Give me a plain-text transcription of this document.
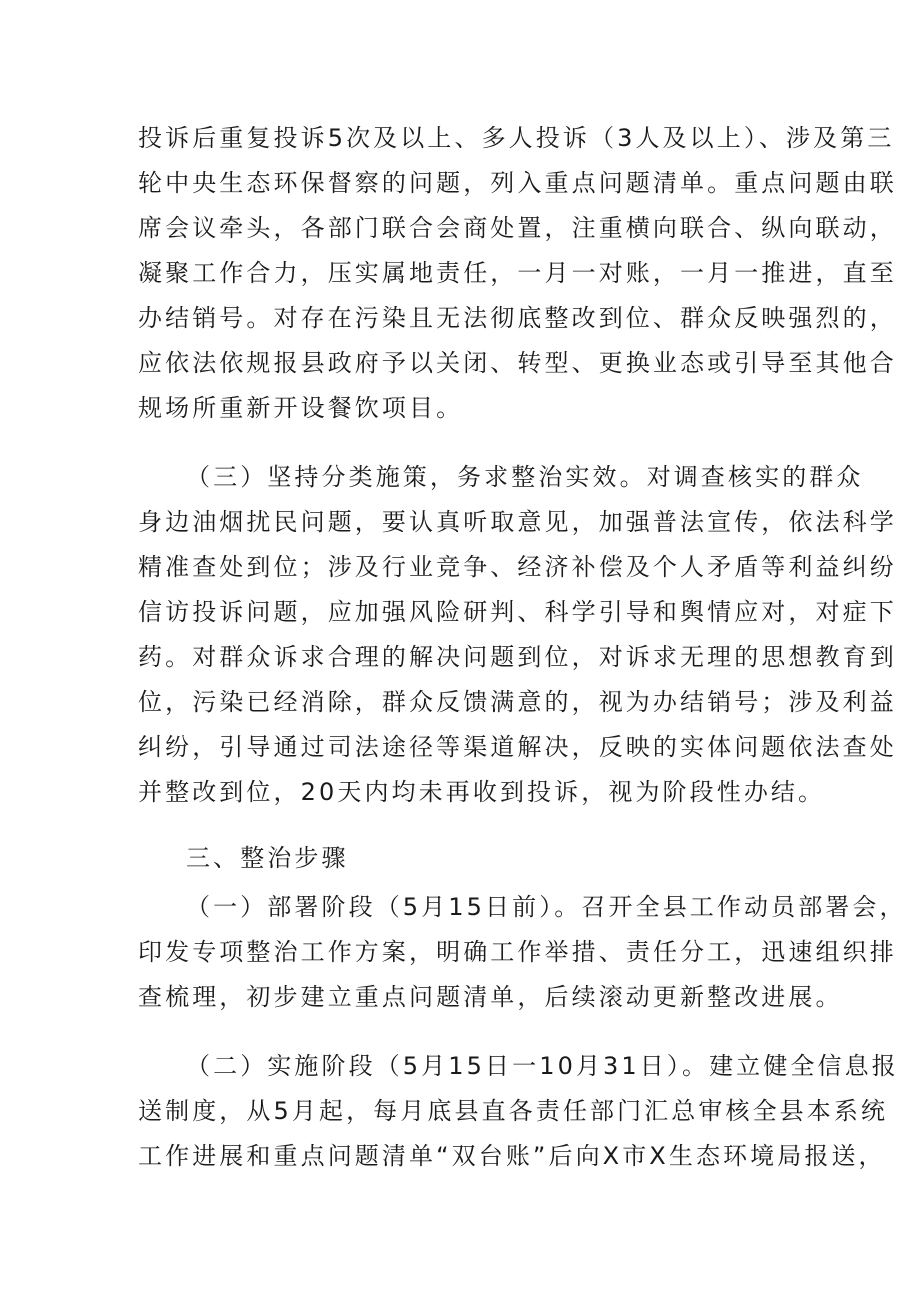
投诉后重复投诉5次及以上、多人投诉（3人及以上）、涉及第三
轮中央生态环保督察的问题，列入重点问题清单。重点问题由联
席会议牵头，各部门联合会商处置，注重横向联合、纵向联动，
凝聚工作合力，压实属地责任，一月一对账，一月一推进，直至
办结销号。对存在污染且无法彻底整改到位、群众反映强烈的，
应依法依规报县政府予以关闭、转型、更换业态或引导至其他合
规场所重新开设餐饮项目。
（三）坚持分类施策，务求整治实效。对调查核实的群众
身边油烟扰民问题，要认真听取意见，加强普法宣传，依法科学
精准查处到位；涉及行业竞争、经济补偿及个人矛盾等利益纠纷
信访投诉问题，应加强风险研判、科学引导和舆情应对，对症下
药。对群众诉求合理的解决问题到位，对诉求无理的思想教育到
位，污染已经消除，群众反馈满意的，视为办结销号；涉及利益
纠纷，引导通过司法途径等渠道解决，反映的实体问题依法查处
并整改到位，20天内均未再收到投诉，视为阶段性办结。
三、整治步骤
（一）部署阶段（5月15日前）。召开全县工作动员部署会，
印发专项整治工作方案，明确工作举措、责任分工，迅速组织排
查梳理，初步建立重点问题清单，后续滚动更新整改进展。
（二）实施阶段（5月15日一10月31日）。建立健全信息报
送制度，从5月起，每月底县直各责任部门汇总审核全县本系统
工作进展和重点问题清单“双台账”后向X市X生态环境局报送，
